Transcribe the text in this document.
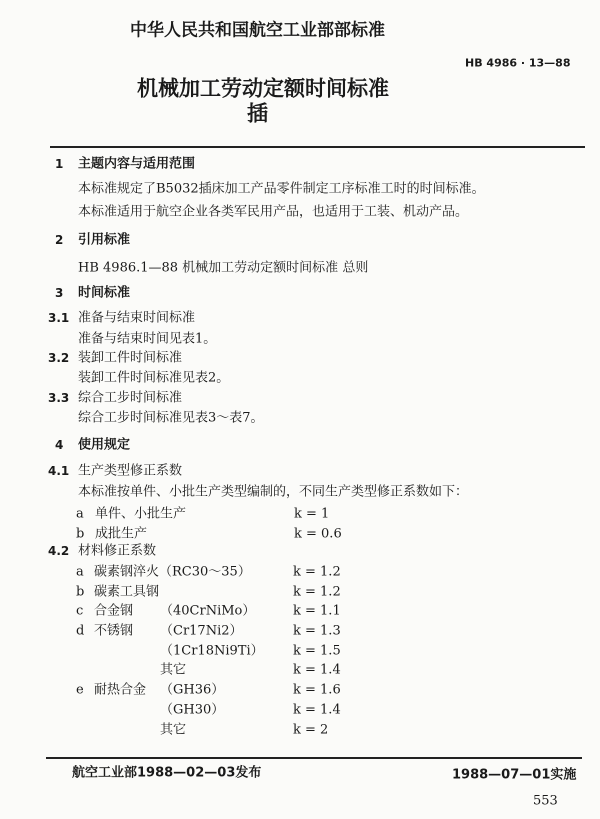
中华人民共和国航空工业部部标准
HB 4986 · 13—88
机械加工劳动定额时间标准
插
1 主题内容与适用范围
本标准规定了B5032插床加工产品零件制定工序标准工时的时间标准。
本标准适用于航空企业各类军民用产品，也适用于工装、机动产品。
2 引用标准
HB 4986.1—88 机械加工劳动定额时间标准 总则
3 时间标准
3.1 准备与结束时间标准
准备与结束时间见表1。
3.2 装卸工件时间标准
装卸工件时间标准见表2。
3.3 综合工步时间标准
综合工步时间标准见表3～表7。
4 使用规定
4.1 生产类型修正系数
本标准按单件、小批生产类型编制的，不同生产类型修正系数如下：
4.2 材料修正系数
a 单件、小批生产	k = 1
b 成批生产	k = 0.6
a 碳素钢淬火（RC30～35）	k = 1.2
b 碳素工具钢	k = 1.2
c 合金钢 （40CrNiMo）	k = 1.1
d 不锈钢 （Cr17Ni2）	k = 1.3
（1Cr18Ni9Ti） k = 1.5
其它	k = 1.4
e 耐热合金 （GH36）	k = 1.6
（GH30）	k = 1.4
其它	k = 2
航空工业部1988—02—03发布	1988—07—01实施
553
